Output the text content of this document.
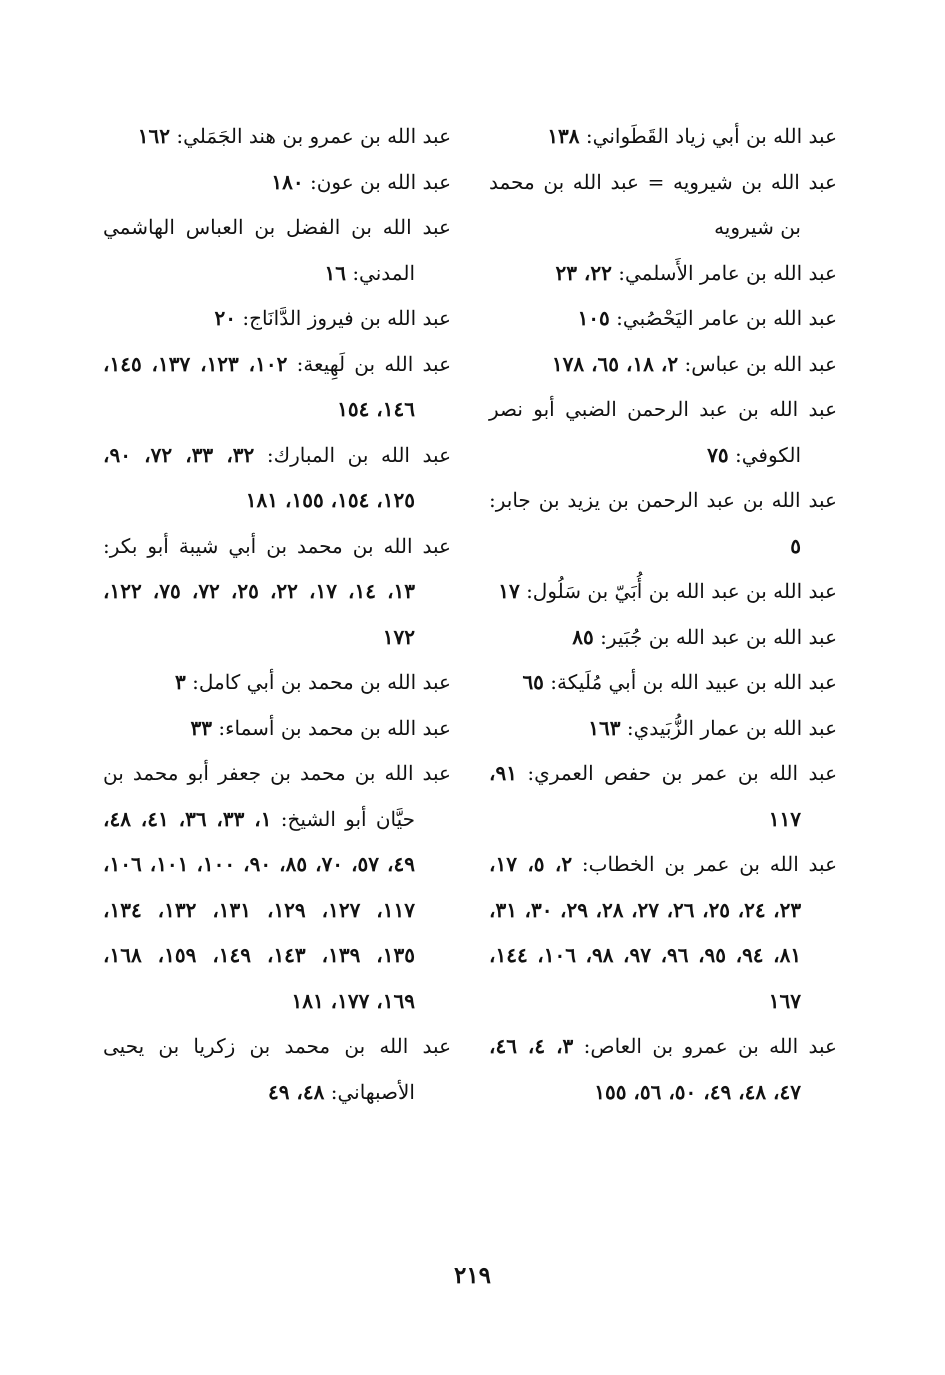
عبد الله بن أبي زياد القَطَواني: ١٣٨

عبد الله بن شيرويه = عبد الله بن محمد بن شيرويه

عبد الله بن عامر الأَسلمي: ٢٢، ٢٣

عبد الله بن عامر اليَحْصُبي: ١٠٥

عبد الله بن عباس: ٢، ١٨، ٦٥، ١٧٨

عبد الله بن عبد الرحمن الضبي أبو نصر الكوفي: ٧٥

عبد الله بن عبد الرحمن بن يزيد بن جابر: ٥

عبد الله بن عبد الله بن أُبَيّ بن سَلُول: ١٧

عبد الله بن عبد الله بن جُبَير: ٨٥

عبد الله بن عبيد الله بن أبي مُلَيكة: ٦٥

عبد الله بن عمار الزُّبَيدي: ١٦٣

عبد الله بن عمر بن حفص العمري: ٩١، ١١٧

عبد الله بن عمر بن الخطاب: ٢، ٥، ١٧، ٢٣، ٢٤، ٢٥، ٢٦، ٢٧، ٢٨، ٢٩، ٣٠، ٣١، ٨١، ٩٤، ٩٥، ٩٦، ٩٧، ٩٨، ١٠٦، ١٤٤، ١٦٧

عبد الله بن عمرو بن العاص: ٣، ٤، ٤٦، ٤٧، ٤٨، ٤٩، ٥٠، ٥٦، ١٥٥

عبد الله بن عمرو بن هند الجَمَلي: ١٦٢

عبد الله بن عون: ١٨٠

عبد الله بن الفضل بن العباس الهاشمي المدني: ١٦

عبد الله بن فيروز الدَّانَاج: ٢٠

عبد الله بن لَهِيعة: ١٠٢، ١٢٣، ١٣٧، ١٤٥، ١٤٦، ١٥٤

عبد الله بن المبارك: ٣٢، ٣٣، ٧٢، ٩٠، ١٢٥، ١٥٤، ١٥٥، ١٨١

عبد الله بن محمد بن أبي شيبة أبو بكر: ١٣، ١٤، ١٧، ٢٢، ٢٥، ٧٢، ٧٥، ١٢٢، ١٧٢

عبد الله بن محمد بن أبي كامل: ٣

عبد الله بن محمد بن أسماء: ٣٣

عبد الله بن محمد بن جعفر أبو محمد بن حيَّان أبو الشيخ: ١، ٣٣، ٣٦، ٤١، ٤٨، ٤٩، ٥٧، ٧٠، ٨٥، ٩٠، ١٠٠، ١٠١، ١٠٦، ١١٧، ١٢٧، ١٢٩، ١٣١، ١٣٢، ١٣٤، ١٣٥، ١٣٩، ١٤٣، ١٤٩، ١٥٩، ١٦٨، ١٦٩، ١٧٧، ١٨١

عبد الله بن محمد بن زكريا بن يحيى الأصبهاني: ٤٨، ٤٩

٢١٩
